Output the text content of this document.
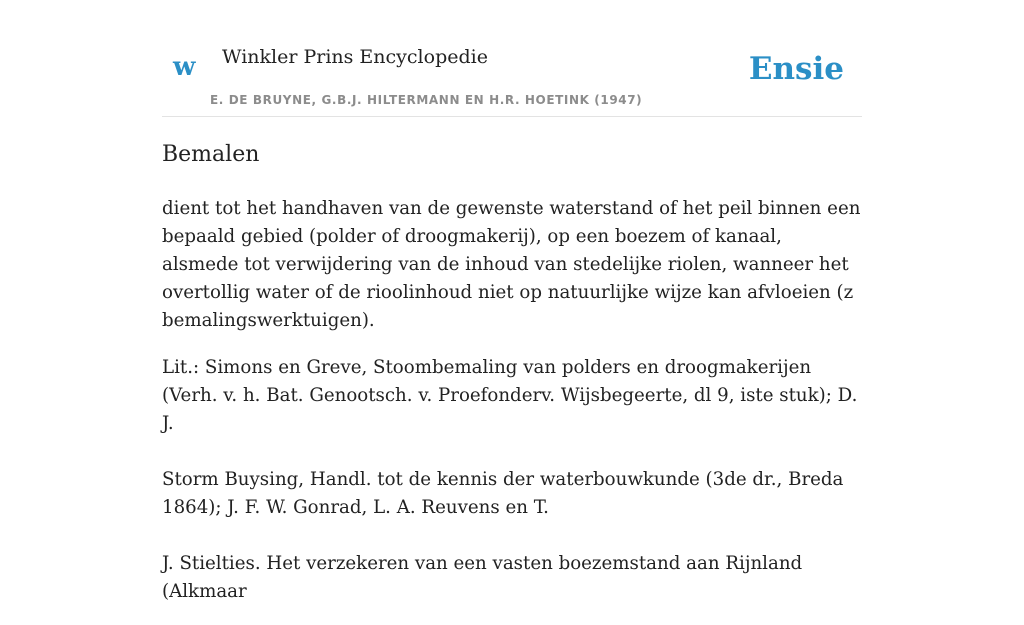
w Winkler Prins Encyclopedie
E. DE BRUYNE, G.B.J. HILTERMANN EN H.R. HOETINK (1947)
Ensie
Bemalen

dient tot het handhaven van de gewenste waterstand of het peil binnen een bepaald gebied (polder of droogmakerij), op een boezem of kanaal, alsmede tot verwijdering van de inhoud van stedelijke riolen, wanneer het overtollig water of de rioolinhoud niet op natuurlijke wijze kan afvloeien (z bemalingswerktuigen).

Lit.: Simons en Greve, Stoombemaling van polders en droogmakerijen (Verh. v. h. Bat. Genootsch. v. Proefonderv. Wijsbegeerte, dl 9, iste stuk); D. J.

Storm Buysing, Handl. tot de kennis der waterbouwkunde (3de dr., Breda 1864); J. F. W. Gonrad, L. A. Reuvens en T.

J. Stielties. Het verzekeren van een vasten boezemstand aan Rijnland (Alkmaar
